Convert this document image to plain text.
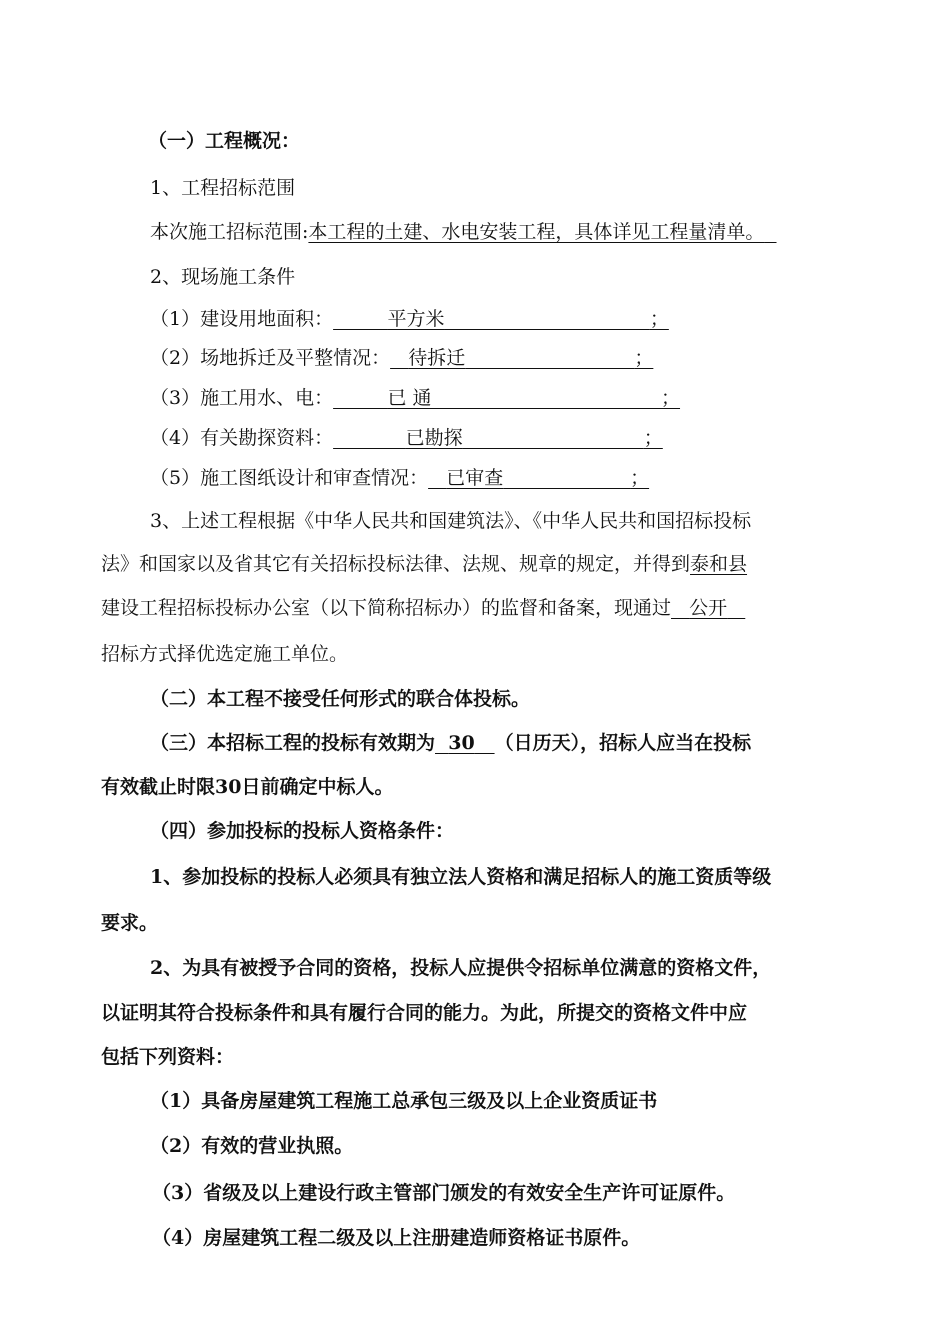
（一）工程概况：
1、工程招标范围
本次施工招标范围:本工程的土建、水电安装工程，具体详见工程量清单。
2、现场施工条件
（1）建设用地面积：	平方米	；
（2）场地拆迁及平整情况： 待拆迁	；
（3）施工用水、电：	已 通	；
（4）有关勘探资料：	已勘探	；
（5）施工图纸设计和审查情况： 已审查	；
3、上述工程根据《中华人民共和国建筑法》、《中华人民共和国招标投标
法》和国家以及省其它有关招标投标法律、法规、规章的规定，并得到泰和县
建设工程招标投标办公室（以下简称招标办）的监督和备案，现通过 公开
招标方式择优选定施工单位。
（二）本工程不接受任何形式的联合体投标。
（三）本招标工程的投标有效期为 30 （日历天），招标人应当在投标
有效截止时限30日前确定中标人。
（四）参加投标的投标人资格条件：
1、参加投标的投标人必须具有独立法人资格和满足招标人的施工资质等级
要求。
2、为具有被授予合同的资格，投标人应提供令招标单位满意的资格文件，
以证明其符合投标条件和具有履行合同的能力。为此，所提交的资格文件中应
包括下列资料：
（1）具备房屋建筑工程施工总承包三级及以上企业资质证书
（2）有效的营业执照。
（3）省级及以上建设行政主管部门颁发的有效安全生产许可证原件。
（4）房屋建筑工程二级及以上注册建造师资格证书原件。
